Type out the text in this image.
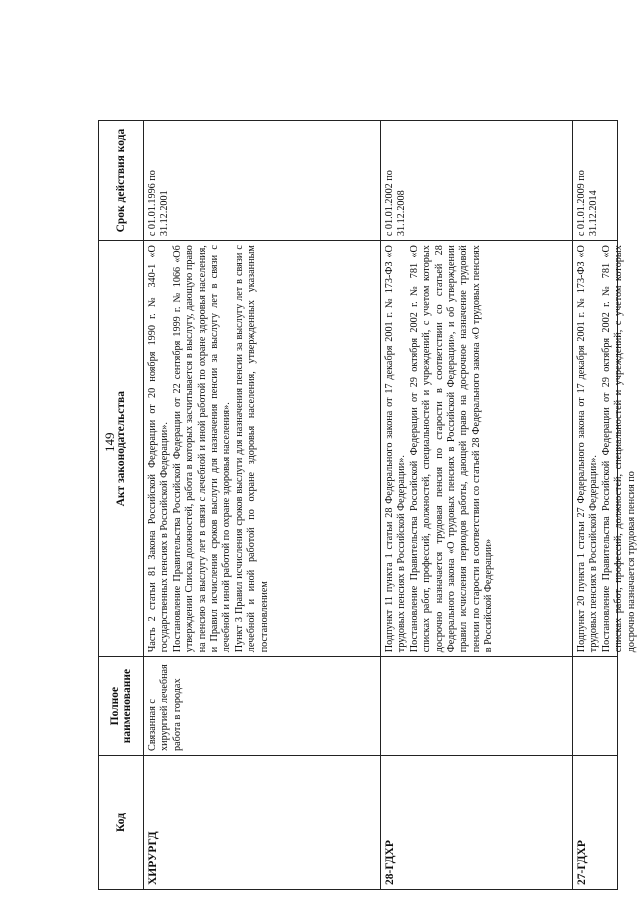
149
Код	Полное наименование	Акт законодательства	Срок действия кода
ХИРУРГД	Связанная с хирургией лечебная работа в городах	Часть 2 статьи 81 Закона Российской Федерации от 20 ноября 1990 г. № 340-1 «О государственных пенсиях в Российской Федерации». Постановление Правительства Российской Федерации от 22 сентября 1999 г. № 1066 «Об утверждении Списка должностей, работа в которых засчитывается в выслугу, дающую право на пенсию за выслугу лет в связи с лечебной и иной работой по охране здоровья населения, и Правил исчисления сроков выслуги для назначения пенсии за выслугу лет в связи с лечебной и иной работой по охране здоровья населения». Пункт 3 Правил исчисления сроков выслуги для назначения пенсии за выслугу лет в связи с лечебной и иной работой по охране здоровья населения, утвержденных указанным постановлением	с 01.01.1996 по 31.12.2001
28-ГДХР		Подпункт 11 пункта 1 статьи 28 Федерального закона от 17 декабря 2001 г. № 173-ФЗ «О трудовых пенсиях в Российской Федерации». Постановление Правительства Российской Федерации от 29 октября 2002 г. № 781 «О списках работ, профессий, должностей, специальностей и учреждений, с учетом которых досрочно назначается трудовая пенсия по старости в соответствии со статьей 28 Федерального закона «О трудовых пенсиях в Российской Федерации», и об утверждении правил исчисления периодов работы, дающей право на досрочное назначение трудовой пенсии по старости в соответствии со статьей 28 Федерального закона «О трудовых пенсиях в Российской Федерации»	с 01.01.2002 по 31.12.2008
27-ГДХР		Подпункт 20 пункта 1 статьи 27 Федерального закона от 17 декабря 2001 г. № 173-ФЗ «О трудовых пенсиях в Российской Федерации». Постановление Правительства Российской Федерации от 29 октября 2002 г. № 781 «О списках работ, профессий, должностей, специальностей и учреждений, с учетом которых досрочно назначается трудовая пенсия по	с 01.01.2009 по 31.12.2014
